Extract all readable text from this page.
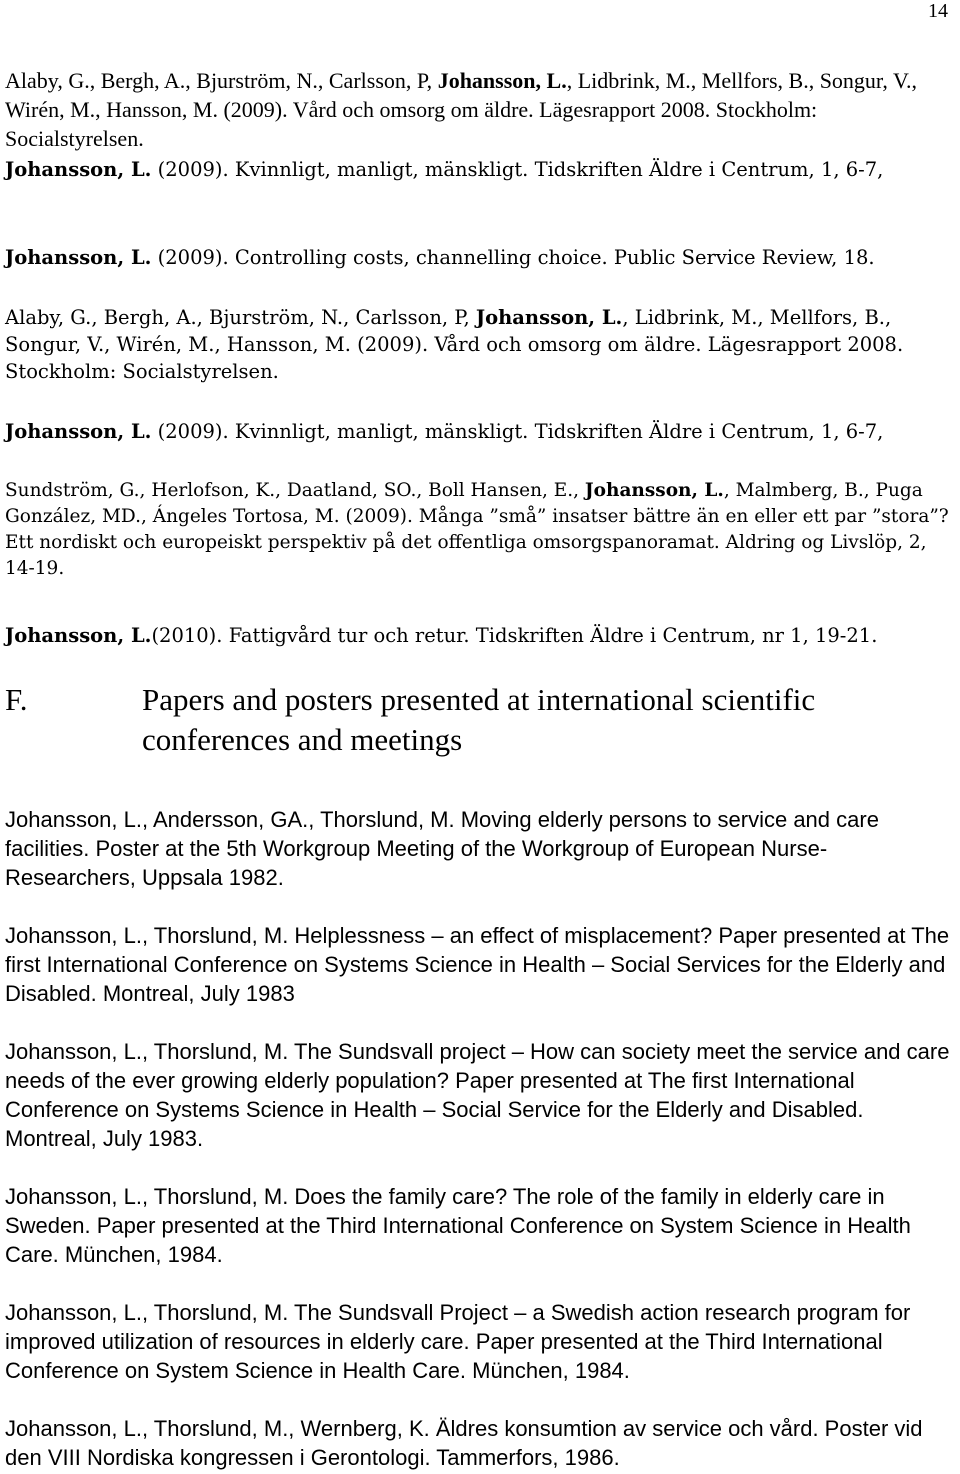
14
Alaby, G., Bergh, A., Bjurström, N., Carlsson, P, Johansson, L., Lidbrink, M., Mellfors, B., Songur, V., Wirén, M., Hansson, M. (2009). Vård och omsorg om äldre. Lägesrapport 2008. Stockholm: Socialstyrelsen.
Johansson, L. (2009). Kvinnligt, manligt, mänskligt. Tidskriften Äldre i Centrum, 1, 6-7,
Johansson, L. (2009). Controlling costs, channelling choice. Public Service Review, 18.
Alaby, G., Bergh, A., Bjurström, N., Carlsson, P, Johansson, L., Lidbrink, M., Mellfors, B., Songur, V., Wirén, M., Hansson, M. (2009). Vård och omsorg om äldre. Lägesrapport 2008. Stockholm: Socialstyrelsen.
Johansson, L. (2009). Kvinnligt, manligt, mänskligt. Tidskriften Äldre i Centrum, 1, 6-7,
Sundström, G., Herlofson, K., Daatland, SO., Boll Hansen, E., Johansson, L., Malmberg, B., Puga González, MD., Ángeles Tortosa, M. (2009). Många ”små” insatser bättre än en eller ett par ”stora”? Ett nordiskt och europeiskt perspektiv på det offentliga omsorgspanoramat. Aldring og Livslöp, 2, 14-19.
Johansson, L.(2010). Fattigvård tur och retur. Tidskriften Äldre i Centrum, nr 1, 19-21.
F.	Papers and posters presented at international scientific conferences and meetings
Johansson, L., Andersson, GA., Thorslund, M. Moving elderly persons to service and care facilities. Poster at the 5th Workgroup Meeting of the Workgroup of European Nurse-Researchers, Uppsala 1982.
Johansson, L., Thorslund, M. Helplessness – an effect of misplacement? Paper presented at The first International Conference on Systems Science in Health – Social Services for the Elderly and Disabled. Montreal, July 1983
Johansson, L., Thorslund, M. The Sundsvall project – How can society meet the service and care needs of the ever growing elderly population? Paper presented at The first International Conference on Systems Science in Health – Social Service for the Elderly and Disabled. Montreal, July 1983.
Johansson, L., Thorslund, M. Does the family care? The role of the family in elderly care in Sweden. Paper presented at the Third International Conference on System Science in Health Care. München, 1984.
Johansson, L., Thorslund, M. The Sundsvall Project – a Swedish action research program for improved utilization of resources in elderly care. Paper presented at the Third International Conference on System Science in Health Care. München, 1984.
Johansson, L., Thorslund, M., Wernberg, K. Äldres konsumtion av service och vård. Poster vid den VIII Nordiska kongressen i Gerontologi. Tammerfors, 1986.
